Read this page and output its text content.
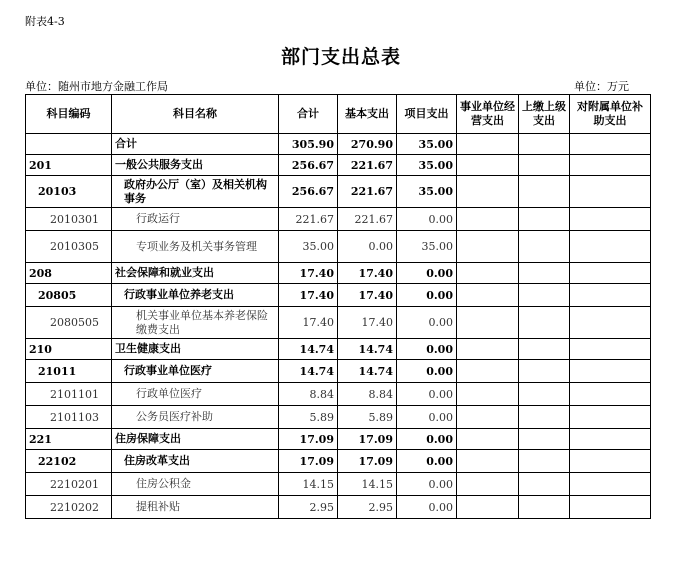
附表4-3
部门支出总表
单位：随州市地方金融工作局	单位：万元
科目编码	科目名称	合计	基本支出	项目支出	事业单位经营支出	上缴上级支出	对附属单位补助支出
	合计	305.90	270.90	35.00			
201	一般公共服务支出	256.67	221.67	35.00			
20103	政府办公厅（室）及相关机构事务	256.67	221.67	35.00			
2010301	行政运行	221.67	221.67	0.00			
2010305	专项业务及机关事务管理	35.00	0.00	35.00			
208	社会保障和就业支出	17.40	17.40	0.00			
20805	行政事业单位养老支出	17.40	17.40	0.00			
2080505	机关事业单位基本养老保险缴费支出	17.40	17.40	0.00			
210	卫生健康支出	14.74	14.74	0.00			
21011	行政事业单位医疗	14.74	14.74	0.00			
2101101	行政单位医疗	8.84	8.84	0.00			
2101103	公务员医疗补助	5.89	5.89	0.00			
221	住房保障支出	17.09	17.09	0.00			
22102	住房改革支出	17.09	17.09	0.00			
2210201	住房公积金	14.15	14.15	0.00			
2210202	提租补贴	2.95	2.95	0.00			
